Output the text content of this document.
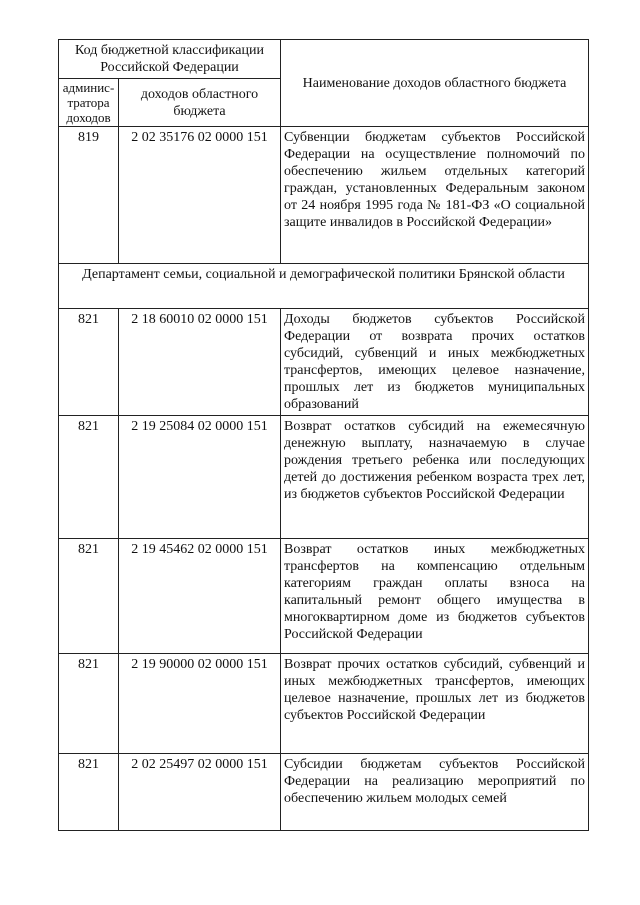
Код бюджетной классификации Российской Федерации		Наименование доходов областного бюджета
админис-тратора доходов	доходов областного бюджета	
819	2 02 35176 02 0000 151	Субвенции бюджетам субъектов Российской Федерации на осуществление полномочий по обеспечению жильем отдельных категорий граждан, установленных Федеральным законом от 24 ноября 1995 года № 181-ФЗ «О социальной защите инвалидов в Российской Федерации»
Департамент семьи, социальной и демографической политики Брянской области		
821	2 18 60010 02 0000 151	Доходы бюджетов субъектов Российской Федерации от возврата прочих остатков субсидий, субвенций и иных межбюджетных трансфертов, имеющих целевое назначение, прошлых лет из бюджетов муниципальных образований
821	2 19 25084 02 0000 151	Возврат остатков субсидий на ежемесячную денежную выплату, назначаемую в случае рождения третьего ребенка или последующих детей до достижения ребенком возраста трех лет, из бюджетов субъектов Российской Федерации
821	2 19 45462 02 0000 151	Возврат остатков иных межбюджетных трансфертов на компенсацию отдельным категориям граждан оплаты взноса на капитальный ремонт общего имущества в многоквартирном доме из бюджетов субъектов Российской Федерации
821	2 19 90000 02 0000 151	Возврат прочих остатков субсидий, субвенций и иных межбюджетных трансфертов, имеющих целевое назначение, прошлых лет из бюджетов субъектов Российской Федерации
821	2 02 25497 02 0000 151	Субсидии бюджетам субъектов Российской Федерации на реализацию мероприятий по обеспечению жильем молодых семей
